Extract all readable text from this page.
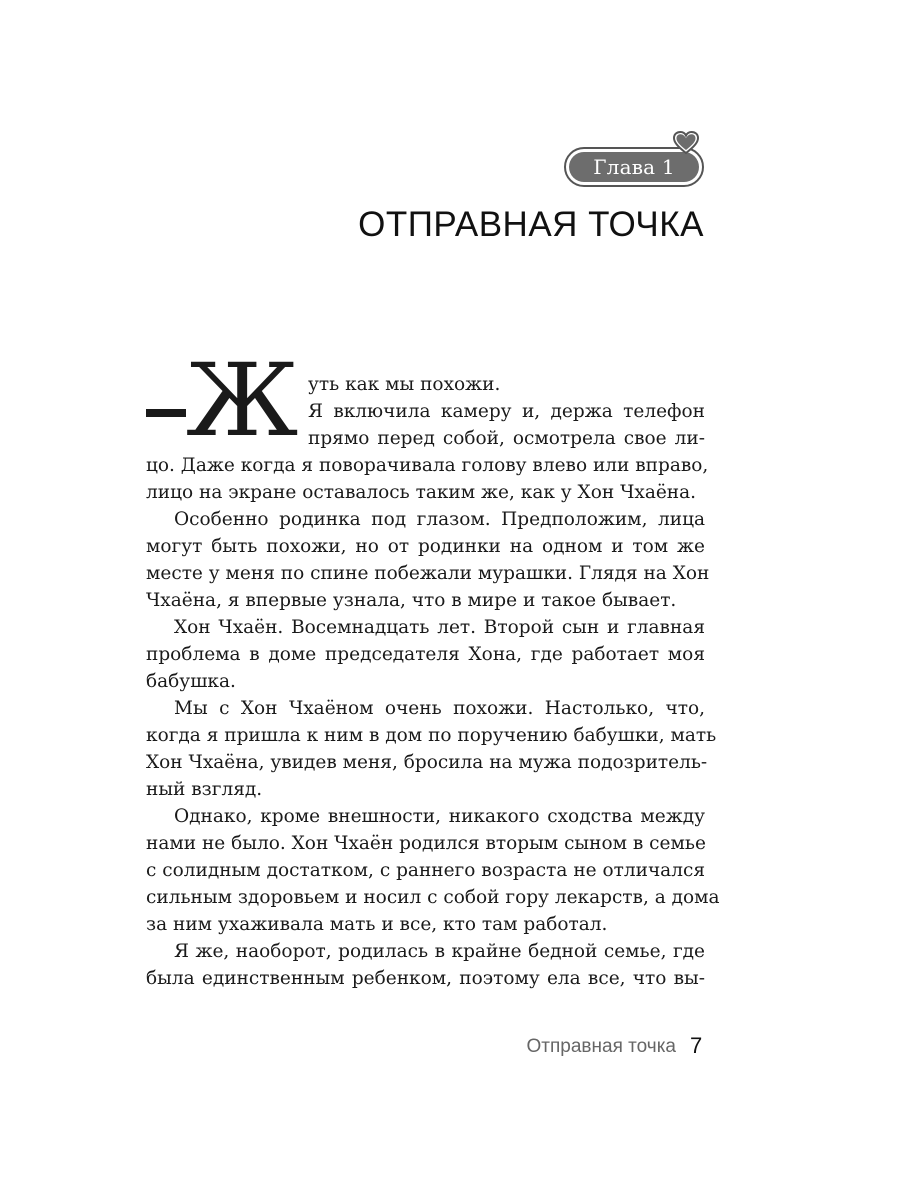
Глава 1
ОТПРАВНАЯ ТОЧКА
Ж уть как мы похожи.

Я включила камеру и, держа телефон

прямо перед собой, осмотрела свое ли-

цо. Даже когда я поворачивала голову влево или вправо,

лицо на экране оставалось таким же, как у Хон Чхаёна.

Особенно родинка под глазом. Предположим, лица

могут быть похожи, но от родинки на одном и том же

месте у меня по спине побежали мурашки. Глядя на Хон

Чхаёна, я впервые узнала, что в мире и такое бывает.

Хон Чхаён. Восемнадцать лет. Второй сын и главная

проблема в доме председателя Хона, где работает моя

бабушка.

Мы с Хон Чхаёном очень похожи. Настолько, что,

когда я пришла к ним в дом по поручению бабушки, мать

Хон Чхаёна, увидев меня, бросила на мужа подозритель-

ный взгляд.

Однако, кроме внешности, никакого сходства между

нами не было. Хон Чхаён родился вторым сыном в семье

с солидным достатком, с раннего возраста не отличался

сильным здоровьем и носил с собой гору лекарств, а дома

за ним ухаживала мать и все, кто там работал.

Я же, наоборот, родилась в крайне бедной семье, где

была единственным ребенком, поэтому ела все, что вы-

Отправная точка 7
